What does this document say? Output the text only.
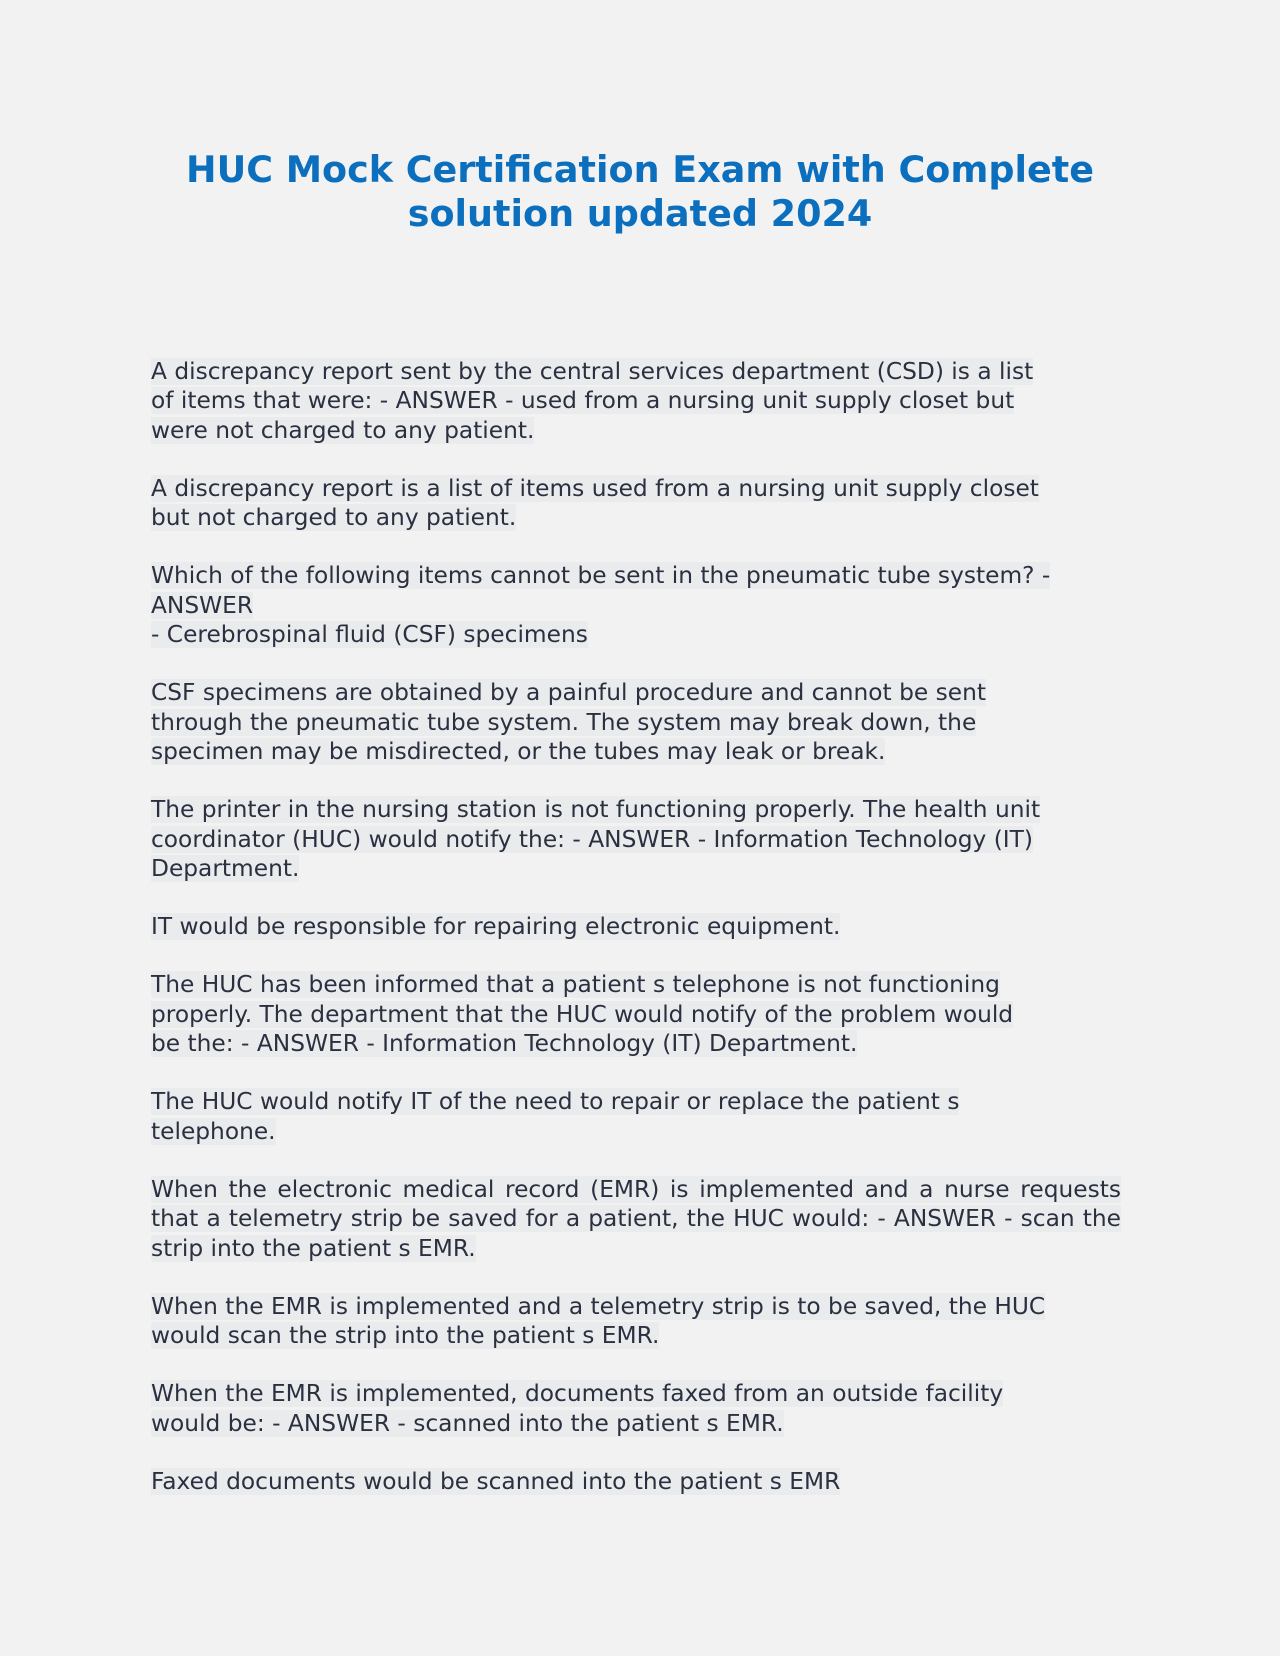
HUC Mock Certification Exam with Complete solution updated 2024

A discrepancy report sent by the central services department (CSD) is a list
of items that were: - ANSWER - used from a nursing unit supply closet but
were not charged to any patient.

A discrepancy report is a list of items used from a nursing unit supply closet
but not charged to any patient.

Which of the following items cannot be sent in the pneumatic tube system? -
ANSWER
- Cerebrospinal fluid (CSF) specimens

CSF specimens are obtained by a painful procedure and cannot be sent
through the pneumatic tube system. The system may break down, the
specimen may be misdirected, or the tubes may leak or break.

The printer in the nursing station is not functioning properly. The health unit
coordinator (HUC) would notify the: - ANSWER - Information Technology (IT)
Department.

IT would be responsible for repairing electronic equipment.

The HUC has been informed that a patient s telephone is not functioning
properly. The department that the HUC would notify of the problem would
be the: - ANSWER - Information Technology (IT) Department.

The HUC would notify IT of the need to repair or replace the patient s
telephone.

When the electronic medical record (EMR) is implemented and a nurse requests that a telemetry strip be saved for a patient, the HUC would: - ANSWER - scan the strip into the patient s EMR.

When the EMR is implemented and a telemetry strip is to be saved, the HUC
would scan the strip into the patient s EMR.

When the EMR is implemented, documents faxed from an outside facility
would be: - ANSWER - scanned into the patient s EMR.

Faxed documents would be scanned into the patient s EMR
